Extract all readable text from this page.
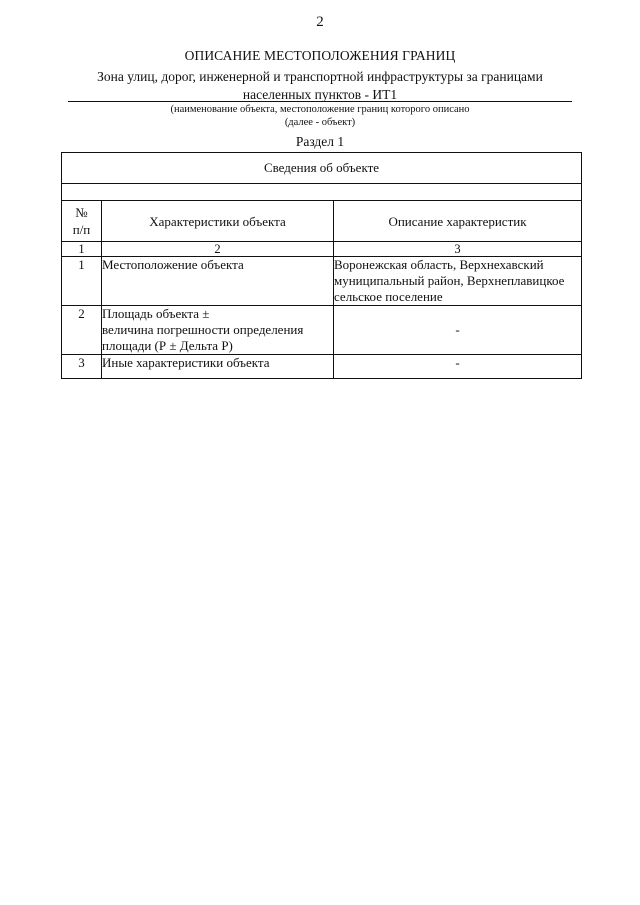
2
ОПИСАНИЕ МЕСТОПОЛОЖЕНИЯ ГРАНИЦ
Зона улиц, дорог, инженерной и транспортной инфраструктуры за границами
населенных пунктов - ИТ1
(наименование объекта, местоположение границ которого описано
(далее - объект)
Раздел 1
Сведения об объекте		

№
п/п	Характеристики объекта	Описание характеристик
1	2	3
1	Местоположение объекта	Воронежская область, Верхнехавский
муниципальный район, Верхнеплавицкое
сельское поселение

2	Площадь объекта ±
величина погрешности определения
площади (Р ± Дельта Р)	-
3	Иные характеристики объекта	-
